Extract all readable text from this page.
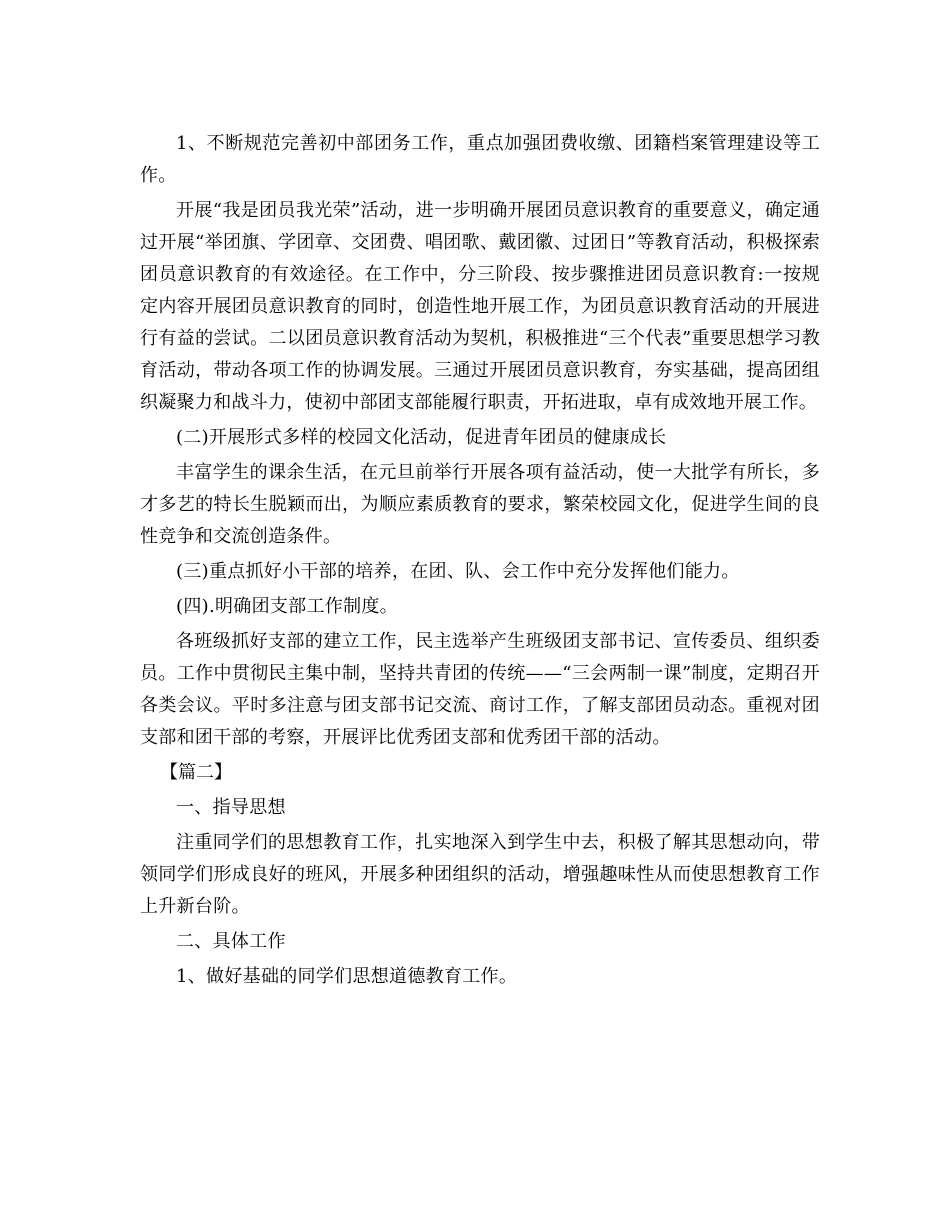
1、不断规范完善初中部团务工作，重点加强团费收缴、团籍档案管理建设等工作。

开展“我是团员我光荣”活动，进一步明确开展团员意识教育的重要意义，确定通过开展“举团旗、学团章、交团费、唱团歌、戴团徽、过团日”等教育活动，积极探索团员意识教育的有效途径。在工作中，分三阶段、按步骤推进团员意识教育:一按规定内容开展团员意识教育的同时，创造性地开展工作，为团员意识教育活动的开展进行有益的尝试。二以团员意识教育活动为契机，积极推进“三个代表”重要思想学习教育活动，带动各项工作的协调发展。三通过开展团员意识教育，夯实基础，提高团组织凝聚力和战斗力，使初中部团支部能履行职责，开拓进取，卓有成效地开展工作。

(二)开展形式多样的校园文化活动，促进青年团员的健康成长

丰富学生的课余生活，在元旦前举行开展各项有益活动，使一大批学有所长，多才多艺的特长生脱颖而出，为顺应素质教育的要求，繁荣校园文化，促进学生间的良性竞争和交流创造条件。

(三)重点抓好小干部的培养，在团、队、会工作中充分发挥他们能力。

(四).明确团支部工作制度。

各班级抓好支部的建立工作，民主选举产生班级团支部书记、宣传委员、组织委员。工作中贯彻民主集中制，坚持共青团的传统——“三会两制一课”制度，定期召开各类会议。平时多注意与团支部书记交流、商讨工作，了解支部团员动态。重视对团支部和团干部的考察，开展评比优秀团支部和优秀团干部的活动。

【篇二】

一、指导思想

注重同学们的思想教育工作，扎实地深入到学生中去，积极了解其思想动向，带领同学们形成良好的班风，开展多种团组织的活动，增强趣味性从而使思想教育工作上升新台阶。

二、具体工作

1、做好基础的同学们思想道德教育工作。
